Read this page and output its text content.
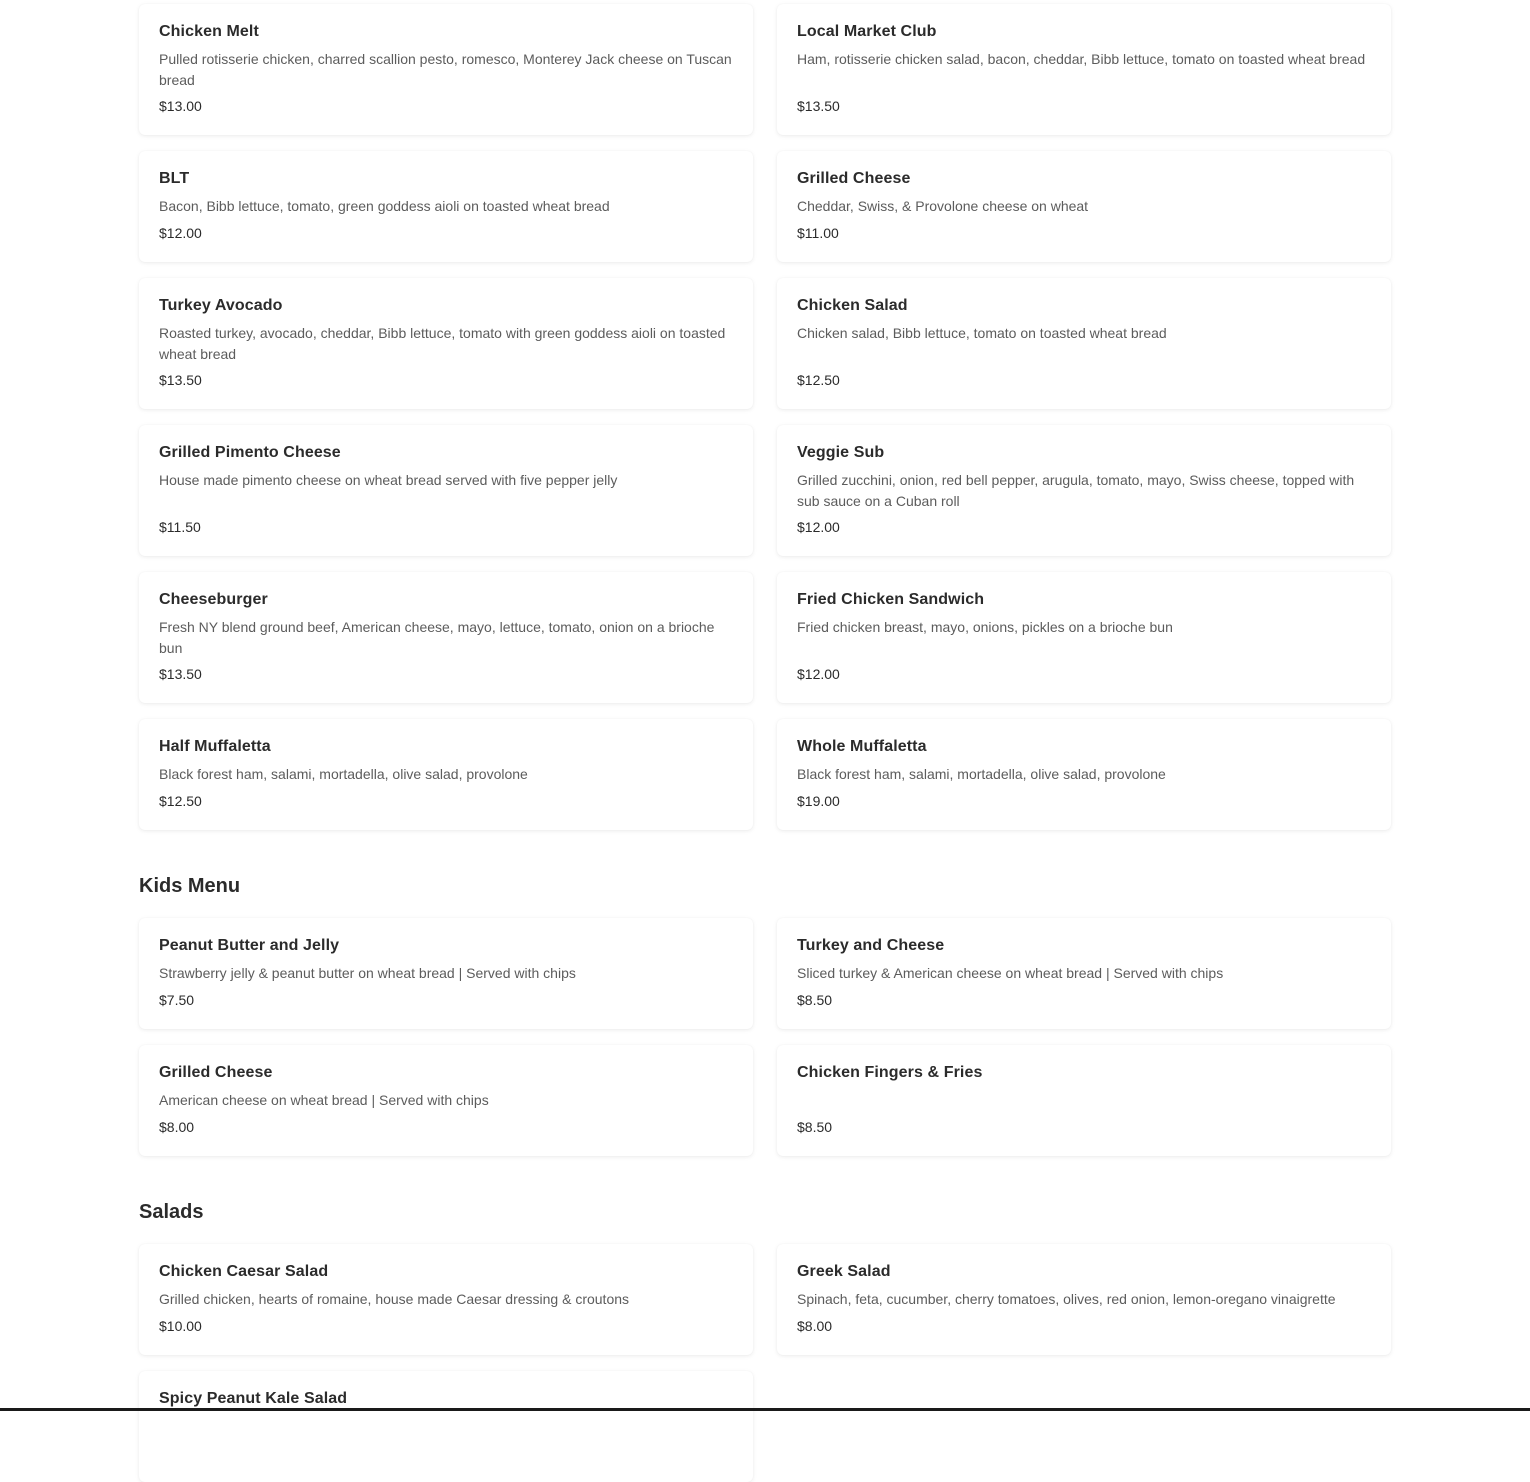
Chicken Melt
Pulled rotisserie chicken, charred scallion pesto, romesco, Monterey Jack cheese on Tuscan bread
$13.00
Local Market Club
Ham, rotisserie chicken salad, bacon, cheddar, Bibb lettuce, tomato on toasted wheat bread
$13.50
BLT
Bacon, Bibb lettuce, tomato, green goddess aioli on toasted wheat bread
$12.00
Grilled Cheese
Cheddar, Swiss, & Provolone cheese on wheat
$11.00
Turkey Avocado
Roasted turkey, avocado, cheddar, Bibb lettuce, tomato with green goddess aioli on toasted wheat bread
$13.50
Chicken Salad
Chicken salad, Bibb lettuce, tomato on toasted wheat bread
$12.50
Grilled Pimento Cheese
House made pimento cheese on wheat bread served with five pepper jelly
$11.50
Veggie Sub
Grilled zucchini, onion, red bell pepper, arugula, tomato, mayo, Swiss cheese, topped with sub sauce on a Cuban roll
$12.00
Cheeseburger
Fresh NY blend ground beef, American cheese, mayo, lettuce, tomato, onion on a brioche bun
$13.50
Fried Chicken Sandwich
Fried chicken breast, mayo, onions, pickles on a brioche bun
$12.00
Half Muffaletta
Black forest ham, salami, mortadella, olive salad, provolone
$12.50
Whole Muffaletta
Black forest ham, salami, mortadella, olive salad, provolone
$19.00
Kids Menu
Peanut Butter and Jelly
Strawberry jelly & peanut butter on wheat bread | Served with chips
$7.50
Turkey and Cheese
Sliced turkey & American cheese on wheat bread | Served with chips
$8.50
Grilled Cheese
American cheese on wheat bread | Served with chips
$8.00
Chicken Fingers & Fries
$8.50
Salads
Chicken Caesar Salad
Grilled chicken, hearts of romaine, house made Caesar dressing & croutons
$10.00
Greek Salad
Spinach, feta, cucumber, cherry tomatoes, olives, red onion, lemon-oregano vinaigrette
$8.00
Spicy Peanut Kale Salad
